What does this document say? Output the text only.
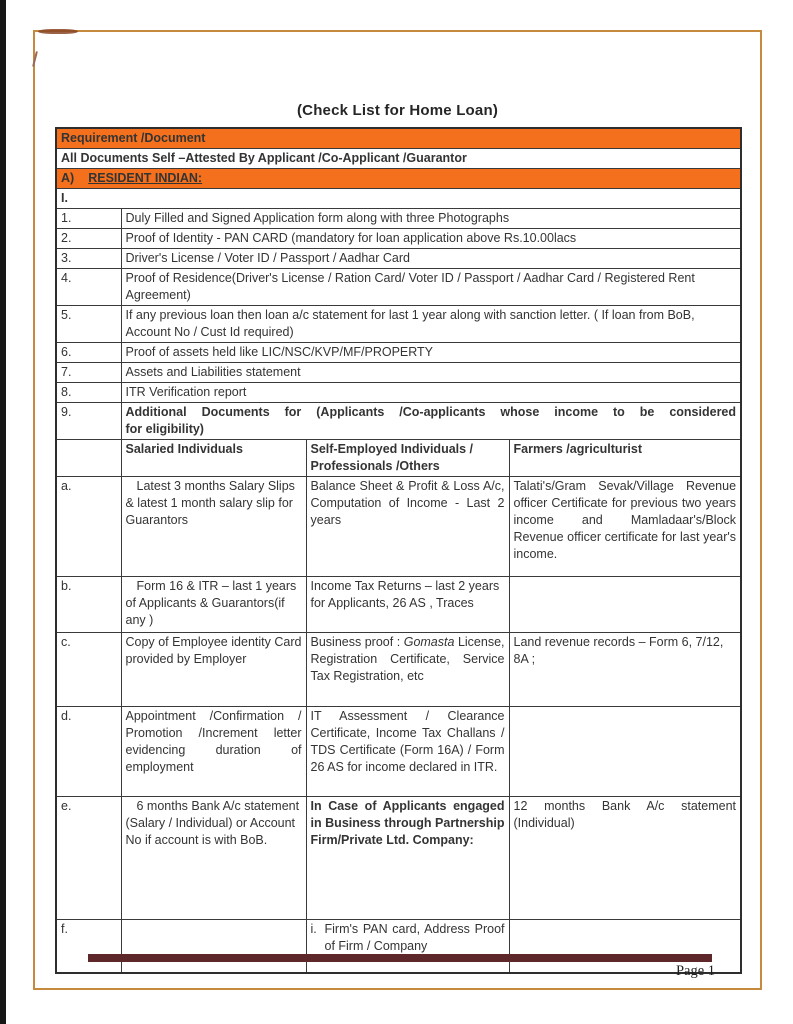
(Check List for Home Loan)
Requirement /Document			
All Documents Self –Attested By Applicant /Co-Applicant /Guarantor			
A) RESIDENT INDIAN:			
I.			
1.	Duly Filled and Signed Application form along with three Photographs		
2.	Proof of Identity - PAN CARD (mandatory for loan application above Rs.10.00lacs		
3.	Driver's License / Voter ID / Passport / Aadhar Card		
4.	Proof of Residence(Driver's License / Ration Card/ Voter ID / Passport / Aadhar Card / Registered Rent Agreement)		
5.	If any previous loan then loan a/c statement for last 1 year along with sanction letter. ( If loan from BoB, Account No / Cust Id required)		
6.	Proof of assets held like LIC/NSC/KVP/MF/PROPERTY		
7.	Assets and Liabilities statement		
8.	ITR Verification report		
9.	Additional Documents for (Applicants /Co-applicants whose income to be considered
for eligibility)		
	Salaried Individuals	Self-Employed Individuals / Professionals /Others	Farmers /agriculturist
a.	Latest 3 months Salary Slips & latest 1 month salary slip for Guarantors	Balance Sheet & Profit & Loss A/c, Computation of Income - Last 2 years	Talati's/Gram Sevak/Village Revenue officer Certificate for previous two years income and Mamladaar's/Block Revenue officer certificate for last year's income.
b.	Form 16 & ITR – last 1 years of Applicants & Guarantors(if any )	Income Tax Returns – last 2 years for Applicants, 26 AS , Traces	
c.	Copy of Employee identity Card provided by Employer	Business proof : Gomasta License, Registration Certificate, Service Tax Registration, etc	Land revenue records – Form 6, 7/12, 8A ;
d.	Appointment /Confirmation / Promotion /Increment letter evidencing duration of employment	IT Assessment / Clearance Certificate, Income Tax Challans / TDS Certificate (Form 16A) / Form 26 AS for income declared in ITR.	
e.	6 months Bank A/c statement (Salary / Individual) or Account No if account is with BoB.	In Case of Applicants engaged in Business through Partnership Firm/Private Ltd. Company:	12 months Bank A/c statement (Individual)
f.		i. Firm's PAN card, Address Proof of Firm / Company	

Page 1
